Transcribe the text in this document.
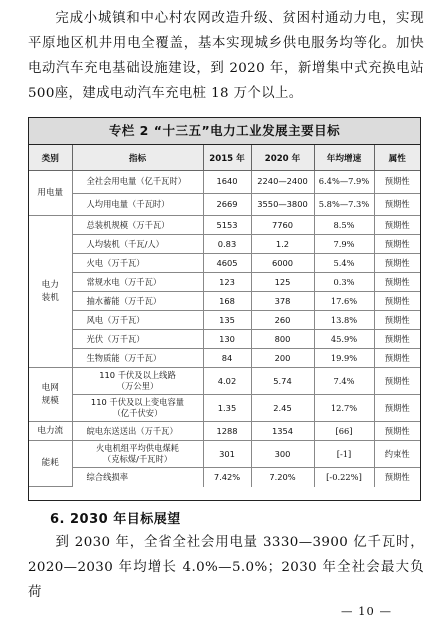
完成小城镇和中心村农网改造升级、贫困村通动力电，实现平原地区机井用电全覆盖，基本实现城乡供电服务均等化。加快电动汽车充电基础设施建设，到 2020 年，新增集中式充换电站 500座，建成电动汽车充电桩 18 万个以上。

专栏 2 “十三五”电力工业发展主要目标
类别	指标	2015 年	2020 年	年均增速	属性
用电量	全社会用电量（亿千瓦时）	1640	2240—2400	6.4%—7.9%	预期性
	人均用电量（千瓦时）	2669	3550—3800	5.8%—7.3%	预期性
电力
装机	总装机规模（万千瓦）	5153	7760	8.5%	预期性
	人均装机（千瓦/人）	0.83	1.2	7.9%	预期性
	火电（万千瓦）	4605	6000	5.4%	预期性
	常规水电（万千瓦）	123	125	0.3%	预期性
	抽水蓄能（万千瓦）	168	378	17.6%	预期性
	风电（万千瓦）	135	260	13.8%	预期性
	光伏（万千瓦）	130	800	45.9%	预期性
	生物质能（万千瓦）	84	200	19.9%	预期性
电网
规模	110 千伏及以上线路
（万公里）	4.02	5.74	7.4%	预期性
	110 千伏及以上变电容量
（亿千伏安）	1.35	2.45	12.7%	预期性
电力流	皖电东送送出（万千瓦）	1288	1354	[66]	预期性
能耗	火电机组平均供电煤耗
（克标煤/千瓦时）	301	300	[-1]	约束性
	综合线损率	7.42%	7.20%	[-0.22%]	预期性
6. 2030 年目标展望

到 2030 年，全省全社会用电量 3330—3900 亿千瓦时，2020—2030 年均增长 4.0%—5.0%；2030 年全社会最大负荷

— 10 —
